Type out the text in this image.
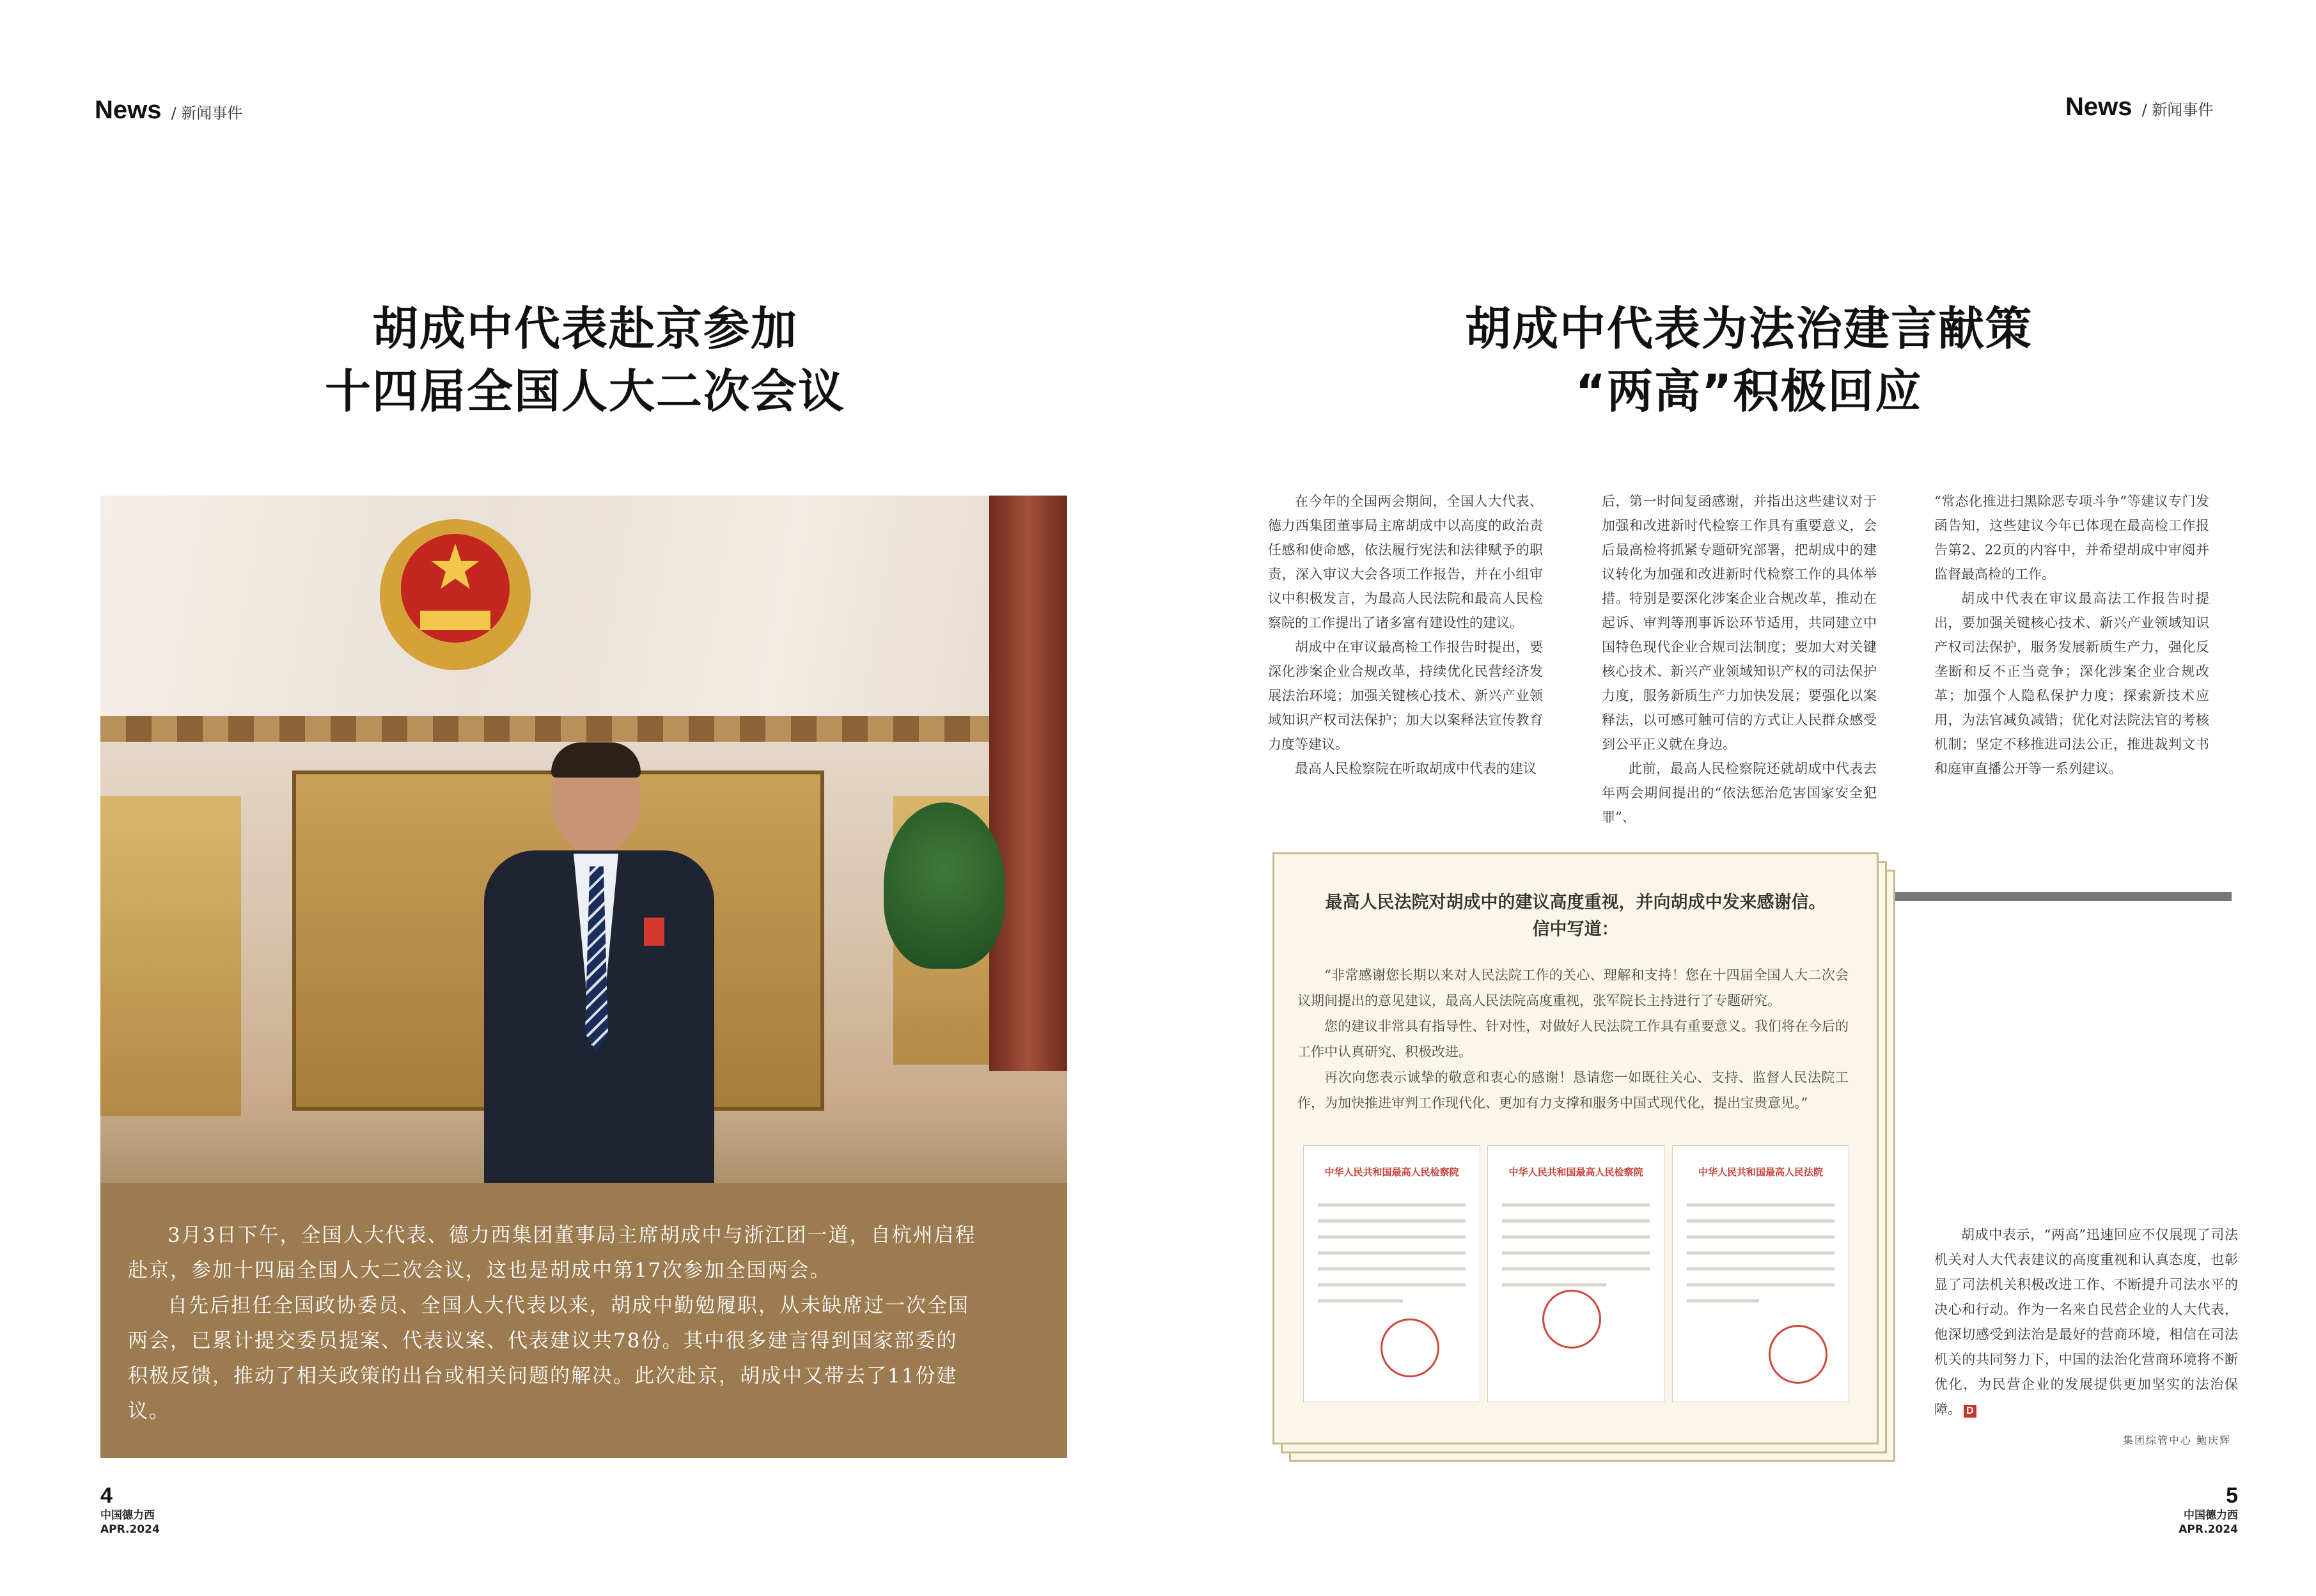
News / 新闻事件
胡成中代表赴京参加
十四届全国人大二次会议

3月3日下午，全国人大代表、德力西集团董事局主席胡成中与浙江团一道，自杭州启程赴京，参加十四届全国人大二次会议，这也是胡成中第17次参加全国两会。

自先后担任全国政协委员、全国人大代表以来，胡成中勤勉履职，从未缺席过一次全国两会，已累计提交委员提案、代表议案、代表建议共78份。其中很多建言得到国家部委的积极反馈，推动了相关政策的出台或相关问题的解决。此次赴京，胡成中又带去了11份建议。

4
中国德力西
APR.2024
News / 新闻事件
胡成中代表为法治建言献策
“两高”积极回应

在今年的全国两会期间，全国人大代表、德力西集团董事局主席胡成中以高度的政治责任感和使命感，依法履行宪法和法律赋予的职责，深入审议大会各项工作报告，并在小组审议中积极发言，为最高人民法院和最高人民检察院的工作提出了诸多富有建设性的建议。

胡成中在审议最高检工作报告时提出，要深化涉案企业合规改革，持续优化民营经济发展法治环境；加强关键核心技术、新兴产业领域知识产权司法保护；加大以案释法宣传教育力度等建议。

最高人民检察院在听取胡成中代表的建议

后，第一时间复函感谢，并指出这些建议对于加强和改进新时代检察工作具有重要意义，会后最高检将抓紧专题研究部署，把胡成中的建议转化为加强和改进新时代检察工作的具体举措。特别是要深化涉案企业合规改革，推动在起诉、审判等刑事诉讼环节适用，共同建立中国特色现代企业合规司法制度；要加大对关键核心技术、新兴产业领域知识产权的司法保护力度，服务新质生产力加快发展；要强化以案释法，以可感可触可信的方式让人民群众感受到公平正义就在身边。

此前，最高人民检察院还就胡成中代表去年两会期间提出的“依法惩治危害国家安全犯罪”、

“常态化推进扫黑除恶专项斗争”等建议专门发函告知，这些建议今年已体现在最高检工作报告第2、22页的内容中，并希望胡成中审阅并监督最高检的工作。

胡成中代表在审议最高法工作报告时提出，要加强关键核心技术、新兴产业领域知识产权司法保护，服务发展新质生产力，强化反垄断和反不正当竞争；深化涉案企业合规改革；加强个人隐私保护力度；探索新技术应用，为法官减负减错；优化对法院法官的考核机制；坚定不移推进司法公正，推进裁判文书和庭审直播公开等一系列建议。

最高人民法院对胡成中的建议高度重视，并向胡成中发来感谢信。
信中写道：

“非常感谢您长期以来对人民法院工作的关心、理解和支持！您在十四届全国人大二次会议期间提出的意见建议，最高人民法院高度重视，张军院长主持进行了专题研究。

您的建议非常具有指导性、针对性，对做好人民法院工作具有重要意义。我们将在今后的工作中认真研究、积极改进。

再次向您表示诚挚的敬意和衷心的感谢！恳请您一如既往关心、支持、监督人民法院工作，为加快推进审判工作现代化、更加有力支撑和服务中国式现代化，提出宝贵意见。”

中华人民共和国最高人民检察院	中华人民共和国最高人民检察院	中华人民共和国最高人民法院

胡成中表示，“两高”迅速回应不仅展现了司法机关对人大代表建议的高度重视和认真态度，也彰显了司法机关积极改进工作、不断提升司法水平的决心和行动。作为一名来自民营企业的人大代表，他深切感受到法治是最好的营商环境，相信在司法机关的共同努力下，中国的法治化营商环境将不断优化，为民营企业的发展提供更加坚实的法治保障。 D

集团综管中心 鲍庆辉
5
中国德力西
APR.2024
